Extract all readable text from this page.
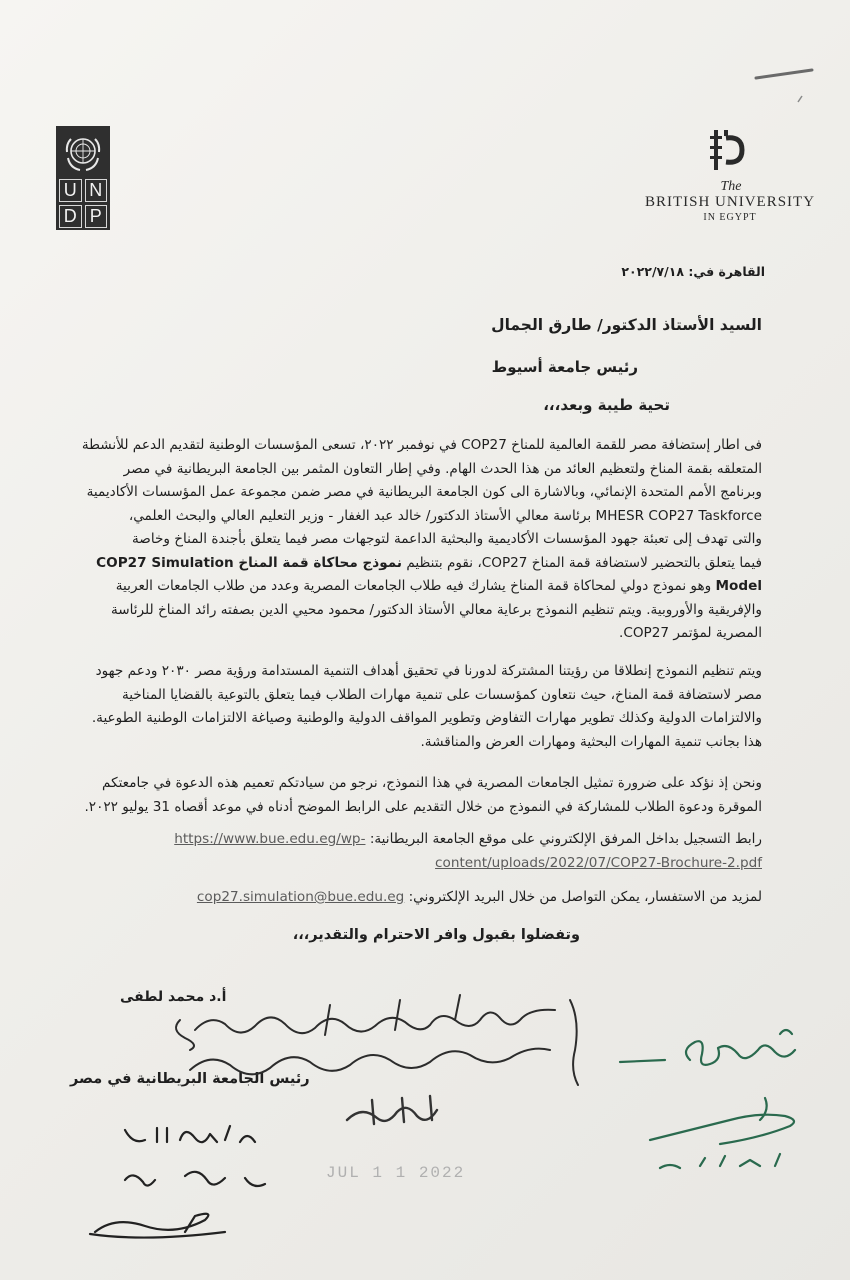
U N
D P
The
BRITISH UNIVERSITY
IN EGYPT
القاهرة في: ٢٠٢٢/٧/١٨
السيد الأستاذ الدكتور/ طارق الجمال
رئيس جامعة أسيوط
تحية طيبة وبعد،،،
فى اطار إستضافة مصر للقمة العالمية للمناخ COP27 في نوفمبر ٢٠٢٢، تسعى المؤسسات الوطنية لتقديم الدعم للأنشطة
المتعلقه بقمة المناخ ولتعظيم العائد من هذا الحدث الهام. وفي إطار التعاون المثمر بين الجامعة البريطانية في مصر
وبرنامج الأمم المتحدة الإنمائي، وبالاشارة الى كون الجامعة البريطانية في مصر ضمن مجموعة عمل المؤسسات الأكاديمية
MHESR COP27 Taskforce برئاسة معالي الأستاذ الدكتور/ خالد عبد الغفار - وزير التعليم العالي والبحث العلمي،
والتى تهدف إلى تعبئة جهود المؤسسات الأكاديمية والبحثية الداعمة لتوجهات مصر فيما يتعلق بأجندة المناخ وخاصة
فيما يتعلق بالتحضير لاستضافة قمة المناخ COP27، نقوم بتنظيم نموذج محاكاة قمة المناخ COP27 Simulation
Model وهو نموذج دولي لمحاكاة قمة المناخ يشارك فيه طلاب الجامعات المصرية وعدد من طلاب الجامعات العربية
والإفريقية والأوروبية. ويتم تنظيم النموذج برعاية معالي الأستاذ الدكتور/ محمود محيي الدين بصفته رائد المناخ للرئاسة
المصرية لمؤتمر COP27.
ويتم تنظيم النموذج إنطلاقا من رؤيتنا المشتركة لدورنا في تحقيق أهداف التنمية المستدامة ورؤية مصر ٢٠٣٠ ودعم جهود
مصر لاستضافة قمة المناخ، حيث نتعاون كمؤسسات على تنمية مهارات الطلاب فيما يتعلق بالتوعية بالقضايا المناخية
والالتزامات الدولية وكذلك تطوير مهارات التفاوض وتطوير المواقف الدولية والوطنية وصياغة الالتزامات الوطنية الطوعية.
هذا بجانب تنمية المهارات البحثية ومهارات العرض والمناقشة.
ونحن إذ نؤكد على ضرورة تمثيل الجامعات المصرية في هذا النموذج، نرجو من سيادتكم تعميم هذه الدعوة في جامعتكم
الموقرة ودعوة الطلاب للمشاركة في النموذج من خلال التقديم على الرابط الموضح أدناه في موعد أقصاه 31 يوليو ٢٠٢٢.
رابط التسجيل بداخل المرفق الإلكتروني على موقع الجامعة البريطانية: https://www.bue.edu.eg/wp-
content/uploads/2022/07/COP27-Brochure-2.pdf
لمزيد من الاستفسار، يمكن التواصل من خلال البريد الإلكتروني: cop27.simulation@bue.edu.eg
وتفضلوا بقبول وافر الاحترام والتقدير،،،
أ.د محمد لطفى
رئيس الجامعة البريطانية في مصر
JUL 1 1 2022
